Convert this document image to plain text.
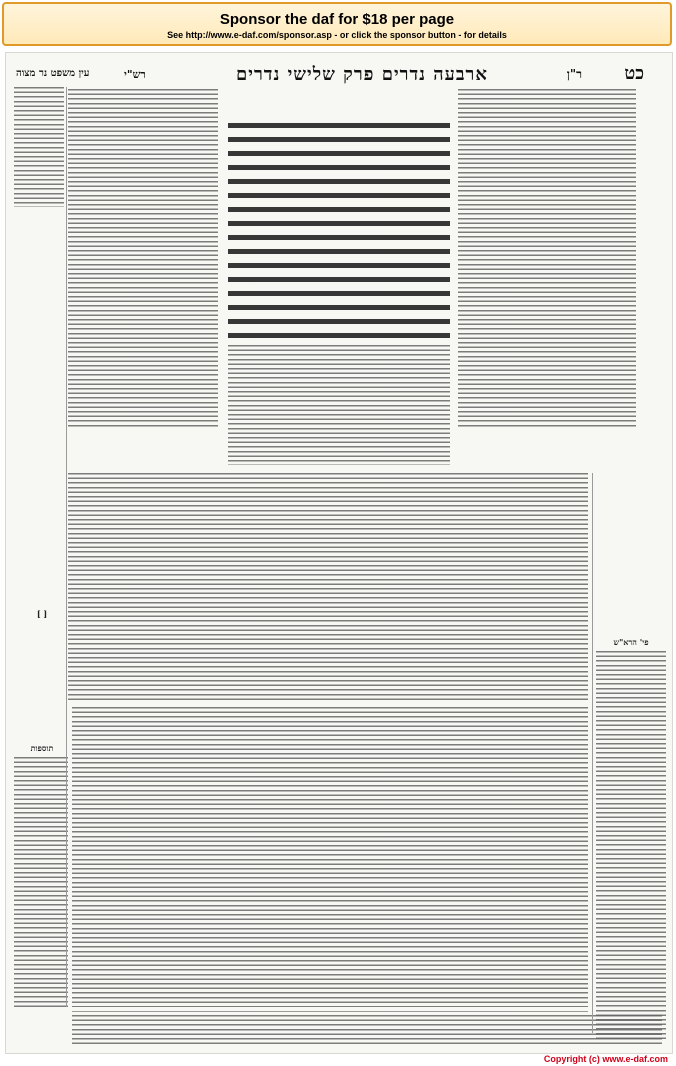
Sponsor the daf for $18 per page
See http://www.e-daf.com/sponsor.asp - or click the sponsor button - for details
כט
ר"ן
ארבעה נדרים פרק שלישי נדרים
רש"י
עין משפט נר מצוה
[ ]
תוספות
פי' הרא"ש
Copyright (c) www.e-daf.com
